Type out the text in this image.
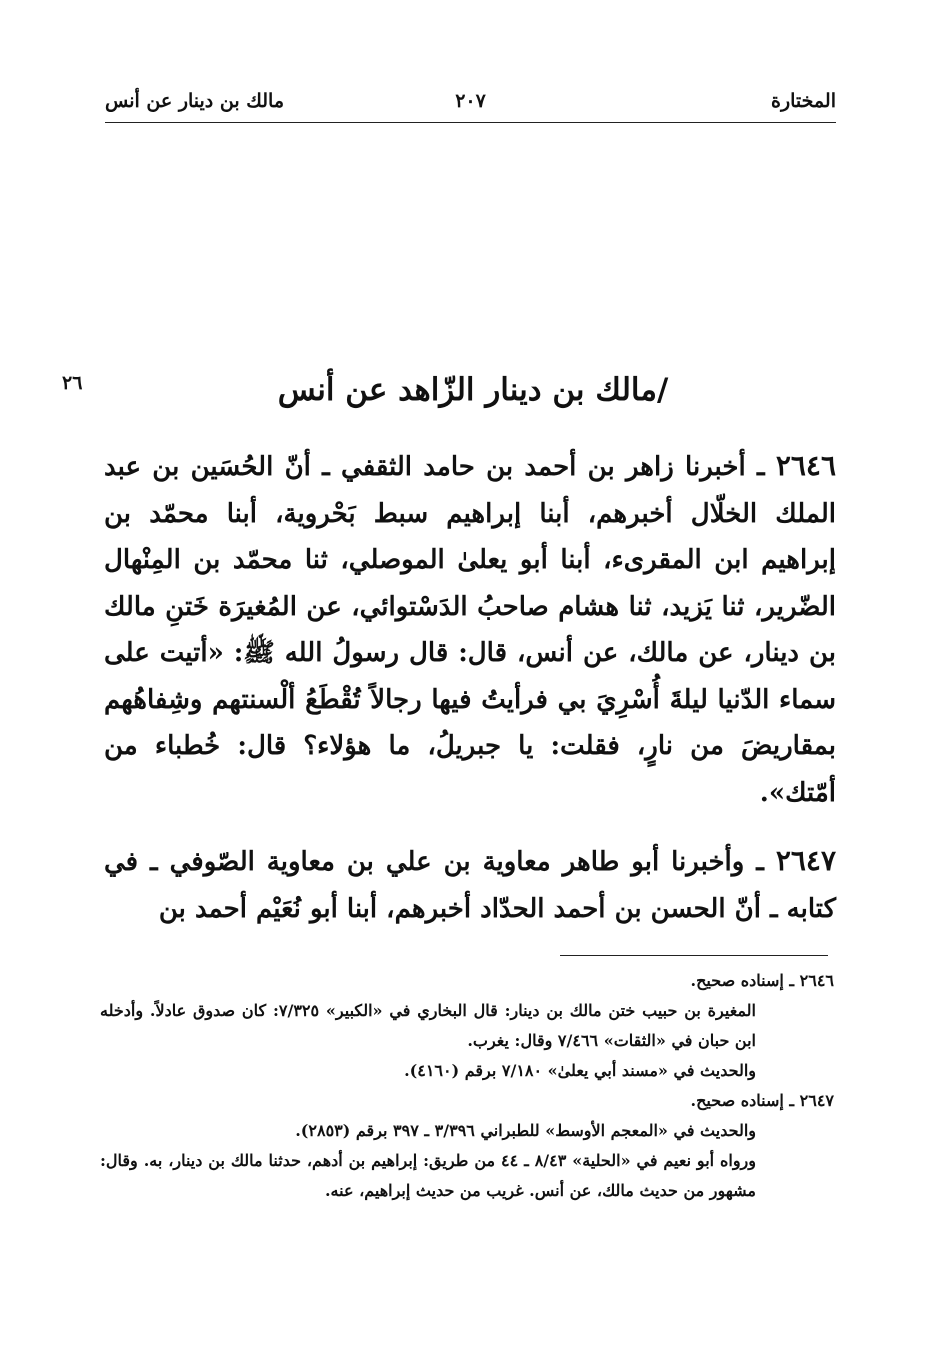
المختارة
٢٠٧
مالك بن دينار عن أنس
٢٦	/مالك بن دينار الزّاهد عن أنس

٢٦٤٦ ـ أخبرنا زاهر بن أحمد بن حامد الثقفي ـ أنّ الحُسَين بن عبد الملك الخلّال أخبرهم، أبنا إبراهيم سبط بَحْروية، أبنا محمّد بن إبراهيم ابن المقرىء، أبنا أبو يعلىٰ الموصلي، ثنا محمّد بن المِنْهال الضّرير، ثنا يَزيد، ثنا هشام صاحبُ الدَسْتوائي، عن المُغيرَة خَتنِ مالك بن دينار، عن مالك، عن أنس، قال: قال رسولُ الله ﷺ: «أتيت على سماء الدّنيا ليلةَ أُسْرِيَ بي فرأيتُ فيها رجالاً تُقْطَعُ ألْسنتهم وشِفاهُهم بمقاريضَ من نارٍ، فقلت: يا جبريلُ، ما هؤلاء؟ قال: خُطباء من أمّتك».

٢٦٤٧ ـ وأخبرنا أبو طاهر معاوية بن علي بن معاوية الصّوفي ـ في كتابه ـ أنّ الحسن بن أحمد الحدّاد أخبرهم، أبنا أبو نُعَيْم أحمد بن

٢٦٤٦ ـ إسناده صحيح.

المغيرة بن حبيب ختن مالك بن دينار: قال البخاري في «الكبير» ٧/٣٢٥: كان صدوق عادلاً. وأدخله ابن حبان في «الثقات» ٧/٤٦٦ وقال: يغرب.

والحديث في «مسند أبي يعلىٰ» ٧/١٨٠ برقم (٤١٦٠).

٢٦٤٧ ـ إسناده صحيح.

والحديث في «المعجم الأوسط» للطبراني ٣/٣٩٦ ـ ٣٩٧ برقم (٢٨٥٣).

ورواه أبو نعيم في «الحلية» ٨/٤٣ ـ ٤٤ من طريق: إبراهيم بن أدهم، حدثنا مالك بن دينار، به. وقال: مشهور من حديث مالك، عن أنس. غريب من حديث إبراهيم، عنه.
